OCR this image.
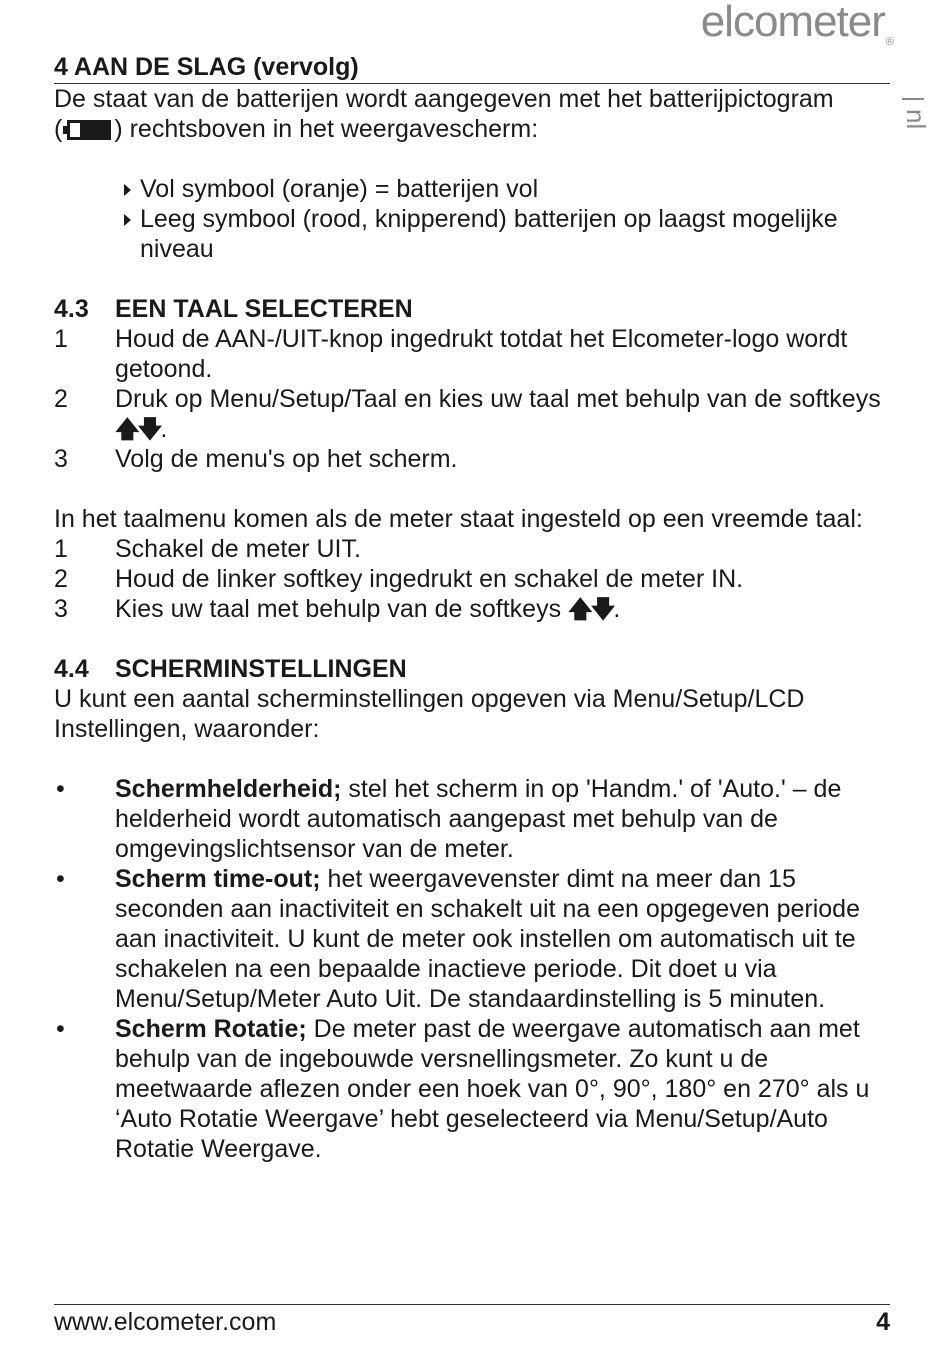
elcometer®
nl
4 AAN DE SLAG (vervolg)

De staat van de batterijen wordt aangegeven met het batterijpictogram
( ) rechtsboven in het weergavescherm:

Vol symbool (oranje) = batterijen vol
Leeg symbool (rood, knipperend) batterijen op laagst mogelijke niveau

4.3 EEN TAAL SELECTEREN

1 Houd de AAN-/UIT-knop ingedrukt totdat het Elcometer-logo wordt getoond.
2 Druk op Menu/Setup/Taal en kies uw taal met behulp van de softkeys 🡅🡇.
3 Volg de menu's op het scherm.

In het taalmenu komen als de meter staat ingesteld op een vreemde taal:

1 Schakel de meter UIT.
2 Houd de linker softkey ingedrukt en schakel de meter IN.
3 Kies uw taal met behulp van de softkeys 🡅🡇.

4.4 SCHERMINSTELLINGEN

U kunt een aantal scherminstellingen opgeven via Menu/Setup/LCD Instellingen, waaronder:

• Schermhelderheid; stel het scherm in op 'Handm.' of 'Auto.' – de helderheid wordt automatisch aangepast met behulp van de omgevingslichtsensor van de meter.
• Scherm time-out; het weergavevenster dimt na meer dan 15 seconden aan inactiviteit en schakelt uit na een opgegeven periode aan inactiviteit. U kunt de meter ook instellen om automatisch uit te schakelen na een bepaalde inactieve periode. Dit doet u via Menu/Setup/Meter Auto Uit. De standaardinstelling is 5 minuten.
• Scherm Rotatie; De meter past de weergave automatisch aan met behulp van de ingebouwde versnellingsmeter. Zo kunt u de meetwaarde aflezen onder een hoek van 0°, 90°, 180° en 270° als u ‘Auto Rotatie Weergave’ hebt geselecteerd via Menu/Setup/Auto Rotatie Weergave.
www.elcometer.com	4
